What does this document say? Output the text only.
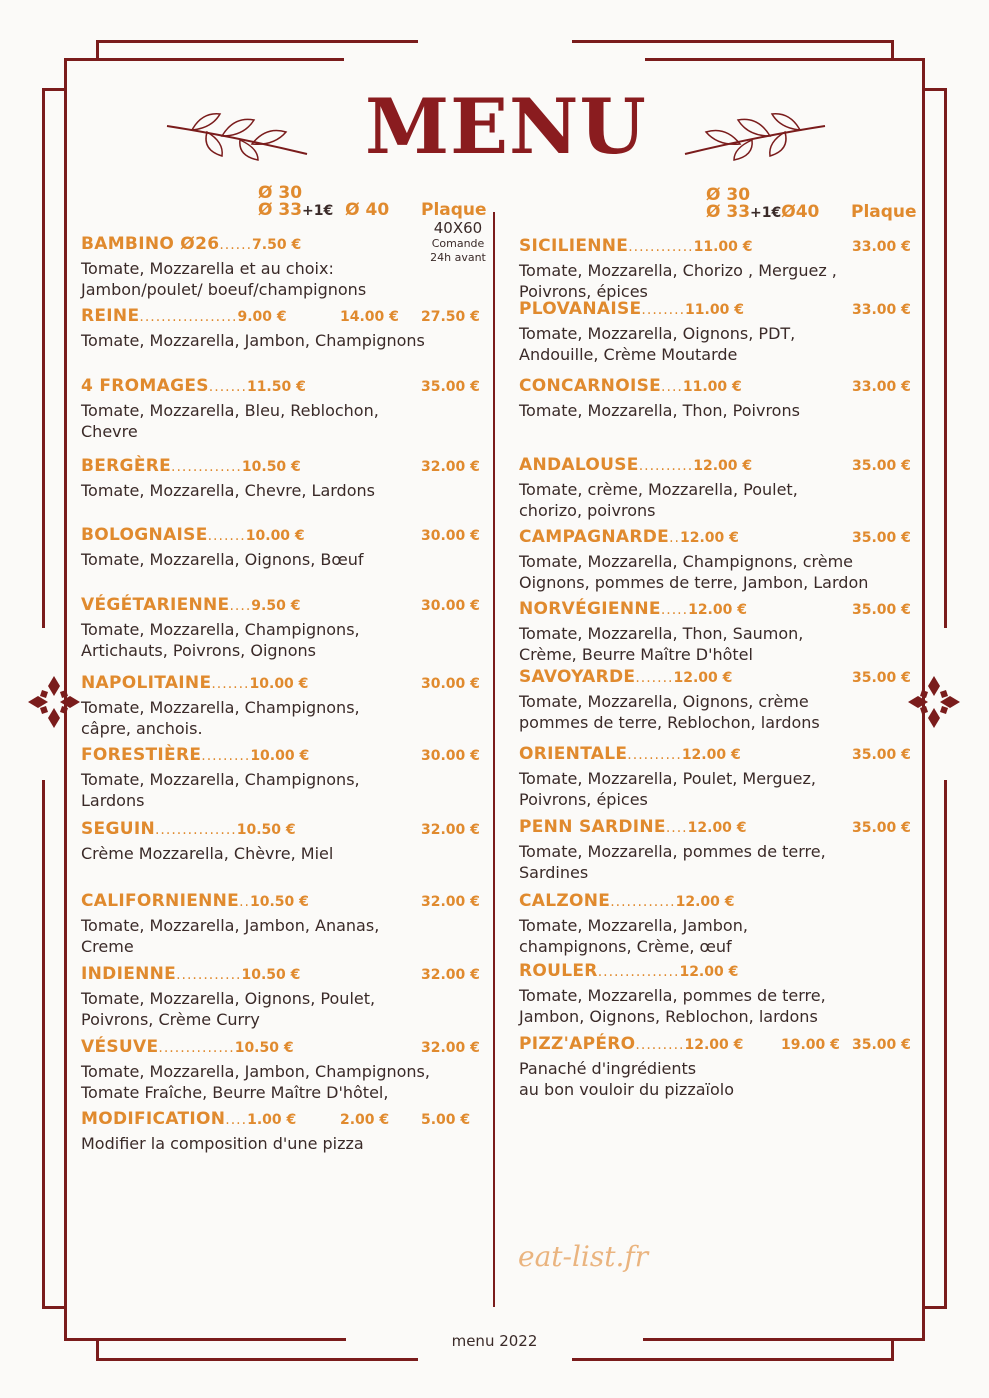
MENU
Ø 30
Ø 33+1€ Ø 40 Plaque
40X60
Comande
24h avant
Ø 30
Ø 33+1€Ø40 Plaque
BAMBINO Ø26......7.50 €
Tomate, Mozzarella et au choix:
Jambon/poulet/ boeuf/champignons
REINE..................9.00 €	14.00 € 27.50 €
Tomate, Mozzarella, Jambon, Champignons
4 FROMAGES.......11.50 €	35.00 €
Tomate, Mozzarella, Bleu, Reblochon,
Chevre
BERGÈRE.............10.50 €	32.00 €
Tomate, Mozzarella, Chevre, Lardons
BOLOGNAISE.......10.00 €	30.00 €
Tomate, Mozzarella, Oignons, Bœuf
VÉGÉTARIENNE....9.50 €	30.00 €
Tomate, Mozzarella, Champignons,
Artichauts, Poivrons, Oignons
NAPOLITAINE.......10.00 €	30.00 €
Tomate, Mozzarella, Champignons,
câpre, anchois.
FORESTIÈRE.........10.00 €	30.00 €
Tomate, Mozzarella, Champignons,
Lardons
SEGUIN...............10.50 €	32.00 €
Crème Mozzarella, Chèvre, Miel
CALIFORNIENNE..10.50 €	32.00 €
Tomate, Mozzarella, Jambon, Ananas,
Creme
INDIENNE............10.50 €	32.00 €
Tomate, Mozzarella, Oignons, Poulet,
Poivrons, Crème Curry
VÉSUVE..............10.50 €	32.00 €
Tomate, Mozzarella, Jambon, Champignons,
Tomate Fraîche, Beurre Maître D'hôtel,
MODIFICATION....1.00 €	2.00 € 5.00 €
Modifier la composition d'une pizza
SICILIENNE............11.00 €	33.00 €
Tomate, Mozzarella, Chorizo , Merguez ,
Poivrons, épices
PLOVANAISE........11.00 €	33.00 €
Tomate, Mozzarella, Oignons, PDT,
Andouille, Crème Moutarde
CONCARNOISE....11.00 €	33.00 €
Tomate, Mozzarella, Thon, Poivrons
ANDALOUSE..........12.00 €	35.00 €
Tomate, crème, Mozzarella, Poulet,
chorizo, poivrons
CAMPAGNARDE..12.00 €	35.00 €
Tomate, Mozzarella, Champignons, crème
Oignons, pommes de terre, Jambon, Lardon
NORVÉGIENNE.....12.00 €	35.00 €
Tomate, Mozzarella, Thon, Saumon,
Crème, Beurre Maître D'hôtel
SAVOYARDE.......12.00 €	35.00 €
Tomate, Mozzarella, Oignons, crème
pommes de terre, Reblochon, lardons
ORIENTALE..........12.00 €	35.00 €
Tomate, Mozzarella, Poulet, Merguez,
Poivrons, épices
PENN SARDINE....12.00 €	35.00 €
Tomate, Mozzarella, pommes de terre,
Sardines
CALZONE............12.00 €
Tomate, Mozzarella, Jambon,
champignons, Crème, œuf
ROULER...............12.00 €
Tomate, Mozzarella, pommes de terre,
Jambon, Oignons, Reblochon, lardons
PIZZ'APÉRO.........12.00 €	19.00 € 35.00 €
Panaché d'ingrédients
au bon vouloir du pizzaïolo
eat-list.fr
menu 2022
